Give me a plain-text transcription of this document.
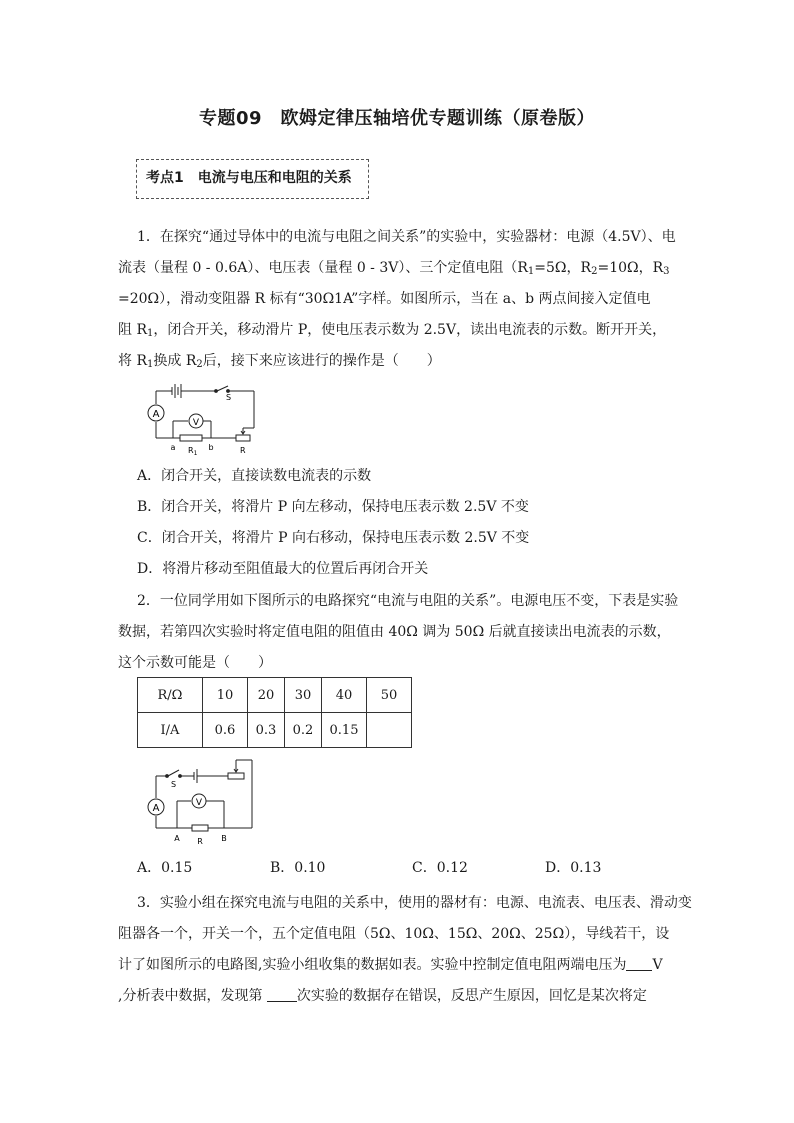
专题09　欧姆定律压轴培优专题训练（原卷版）
考点1　电流与电压和电阻的关系
1．在探究“通过导体中的电流与电阻之间关系”的实验中，实验器材：电源（4.5V）、电
流表（量程 0 - 0.6A）、电压表（量程 0 - 3V）、三个定值电阻（$R_1=5\Omega$，$R_2=10\Omega$，$R_3$
=20Ω），滑动变阻器 R 标有“30Ω1A”字样。如图所示，当在 a、b 两点间接入定值电
阻 $R_1$，闭合开关，移动滑片 P，使电压表示数为 2.5V，读出电流表的示数。断开开关，
将 $R_1$换成 $R_2$后，接下来应该进行的操作是（　　）
A
V
S
a $R_1$
b	R
A．闭合开关，直接读数电流表的示数
B．闭合开关，将滑片 P 向左移动，保持电压表示数 2.5V 不变
C．闭合开关，将滑片 P 向右移动，保持电压表示数 2.5V 不变
D．将滑片移动至阻值最大的位置后再闭合开关
2．一位同学用如下图所示的电路探究“电流与电阻的关系”。电源电压不变，下表是实验
数据，若第四次实验时将定值电阻的阻值由 40Ω 调为 50Ω 后就直接读出电流表的示数，
这个示数可能是（　　）
R/Ω	10	20	30	40	50
I/A	0.6	0.3	0.2	0.15	
A	V
S
A R B
A．0.15	B．0.10	C．0.12	D．0.13
3．实验小组在探究电流与电阻的关系中，使用的器材有：电源、电流表、电压表、滑动变
阻器各一个，开关一个，五个定值电阻（5Ω、10Ω、15Ω、20Ω、25Ω），导线若干，设
计了如图所示的电路图,实验小组收集的数据如表。实验中控制定值电阻两端电压为 V
,分析表中数据，发现第 次实验的数据存在错误，反思产生原因，回忆是某次将定
